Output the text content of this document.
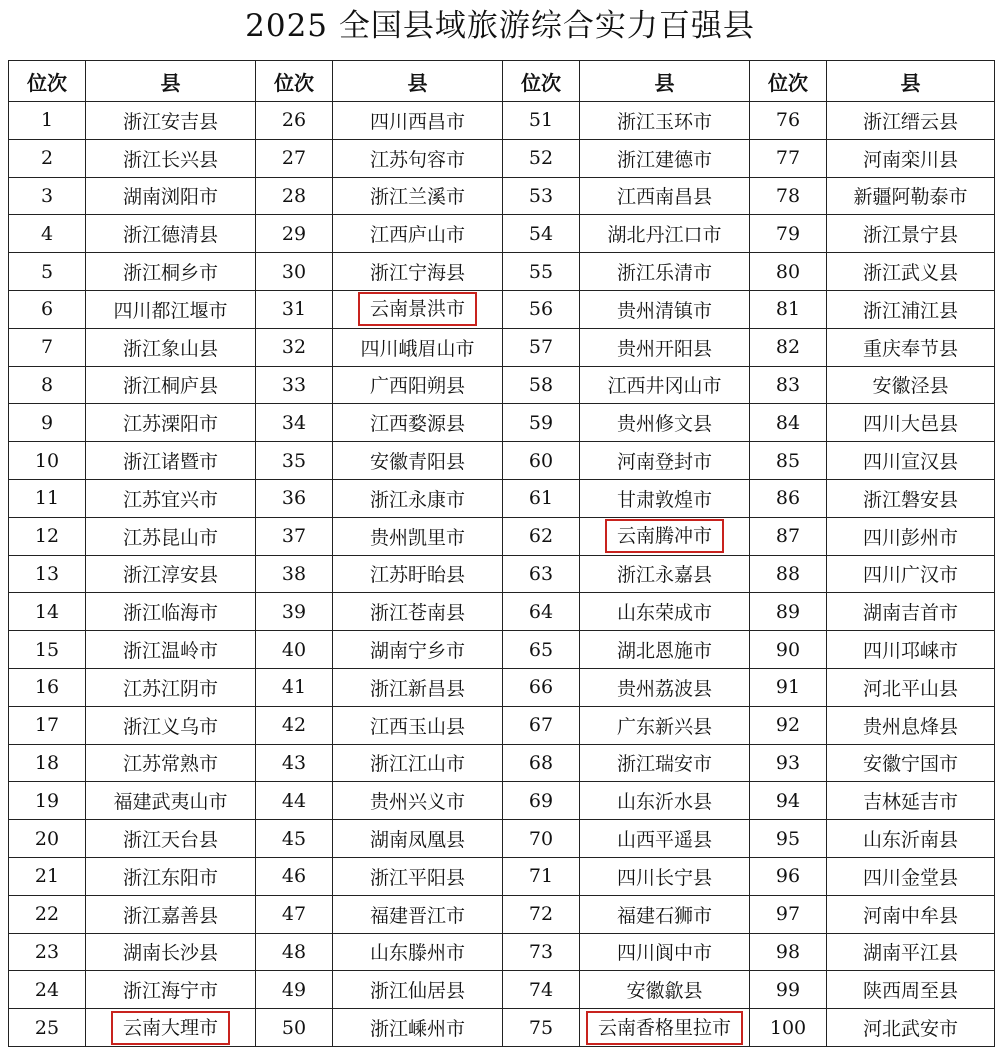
2025 全国县域旅游综合实力百强县
位次	县	位次	县	位次	县	位次	县
1	浙江安吉县	26	四川西昌市	51	浙江玉环市	76	浙江缙云县
2	浙江长兴县	27	江苏句容市	52	浙江建德市	77	河南栾川县
3	湖南浏阳市	28	浙江兰溪市	53	江西南昌县	78	新疆阿勒泰市
4	浙江德清县	29	江西庐山市	54	湖北丹江口市	79	浙江景宁县
5	浙江桐乡市	30	浙江宁海县	55	浙江乐清市	80	浙江武义县
6	四川都江堰市	31	云南景洪市	56	贵州清镇市	81	浙江浦江县
7	浙江象山县	32	四川峨眉山市	57	贵州开阳县	82	重庆奉节县
8	浙江桐庐县	33	广西阳朔县	58	江西井冈山市	83	安徽泾县
9	江苏溧阳市	34	江西婺源县	59	贵州修文县	84	四川大邑县
10	浙江诸暨市	35	安徽青阳县	60	河南登封市	85	四川宣汉县
11	江苏宜兴市	36	浙江永康市	61	甘肃敦煌市	86	浙江磐安县
12	江苏昆山市	37	贵州凯里市	62	云南腾冲市	87	四川彭州市
13	浙江淳安县	38	江苏盱眙县	63	浙江永嘉县	88	四川广汉市
14	浙江临海市	39	浙江苍南县	64	山东荣成市	89	湖南吉首市
15	浙江温岭市	40	湖南宁乡市	65	湖北恩施市	90	四川邛崃市
16	江苏江阴市	41	浙江新昌县	66	贵州荔波县	91	河北平山县
17	浙江义乌市	42	江西玉山县	67	广东新兴县	92	贵州息烽县
18	江苏常熟市	43	浙江江山市	68	浙江瑞安市	93	安徽宁国市
19	福建武夷山市	44	贵州兴义市	69	山东沂水县	94	吉林延吉市
20	浙江天台县	45	湖南凤凰县	70	山西平遥县	95	山东沂南县
21	浙江东阳市	46	浙江平阳县	71	四川长宁县	96	四川金堂县
22	浙江嘉善县	47	福建晋江市	72	福建石狮市	97	河南中牟县
23	湖南长沙县	48	山东滕州市	73	四川阆中市	98	湖南平江县
24	浙江海宁市	49	浙江仙居县	74	安徽歙县	99	陕西周至县
25	云南大理市	50	浙江嵊州市	75	云南香格里拉市	100	河北武安市
